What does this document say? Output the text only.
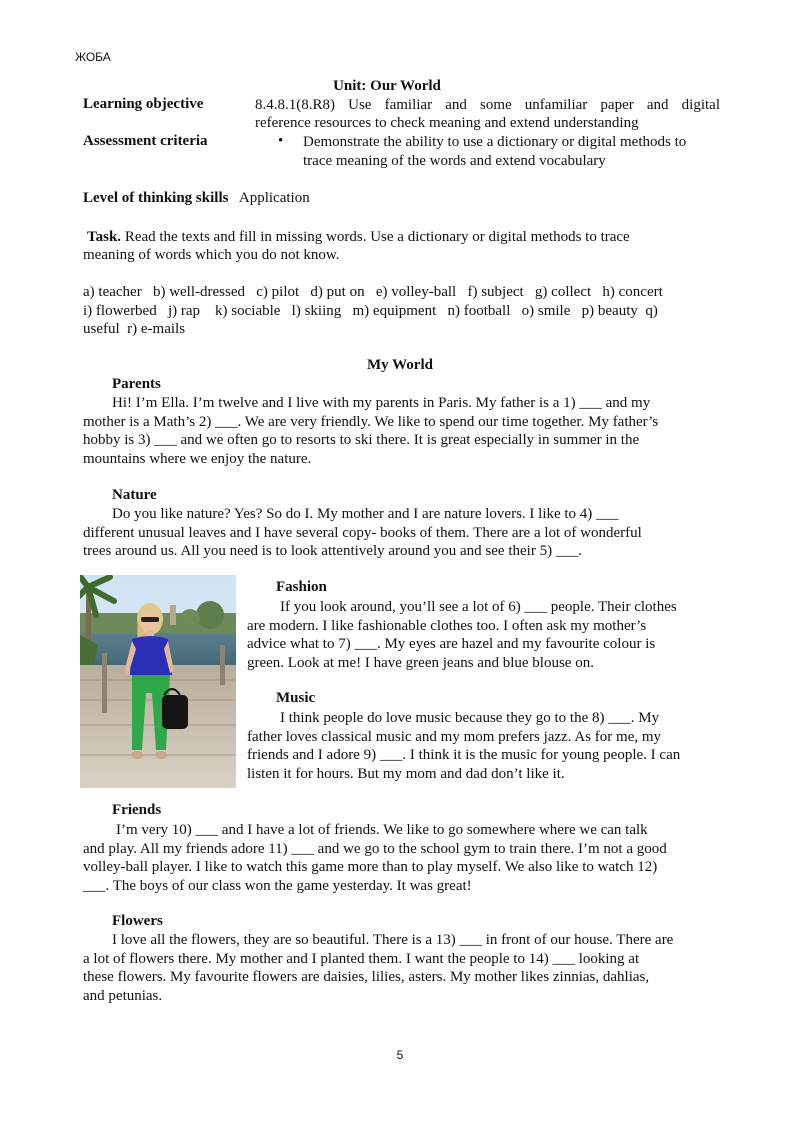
ЖОБА
Unit: Our World
Learning objective	8.4.8.1(8.R8) Use familiar and some unfamiliar paper and digital
reference resources to check meaning and extend understanding
Assessment criteria	• Demonstrate the ability to use a dictionary or digital methods to
trace meaning of the words and extend vocabulary
Level of thinking skills Application
Task. Read the texts and fill in missing words. Use a dictionary or digital methods to trace
meaning of words which you do not know.
a) teacher   b) well-dressed   c) pilot   d) put on   e) volley-ball   f) subject   g) collect   h) concert
i) flowerbed   j) rap    k) sociable   l) skiing   m) equipment   n) football   o) smile   p) beauty  q)
useful  r) e-mails
My World
Parents
Hi! I’m Ella. I’m twelve and I live with my parents in Paris. My father is a 1) ___ and my
mother is a Math’s 2) ___. We are very friendly. We like to spend our time together. My father’s
hobby is 3) ___ and we often go to resorts to ski there. It is great especially in summer in the
mountains where we enjoy the nature.
Nature
Do you like nature? Yes? So do I. My mother and I are nature lovers. I like to 4) ___
different unusual leaves and I have several copy- books of them. There are a lot of wonderful
trees around us. All you need is to look attentively around you and see their 5) ___.
Fashion
If you look around, you’ll see a lot of 6) ___ people. Their clothes
are modern. I like fashionable clothes too. I often ask my mother’s
advice what to 7) ___. My eyes are hazel and my favourite colour is
green. Look at me! I have green jeans and blue blouse on.
Music
I think people do love music because they go to the 8) ___. My
father loves classical music and my mom prefers jazz. As for me, my
friends and I adore 9) ___. I think it is the music for young people. I can
listen it for hours. But my mom and dad don’t like it.
Friends
I’m very 10) ___ and I have a lot of friends. We like to go somewhere where we can talk
and play. All my friends adore 11) ___ and we go to the school gym to train there. I’m not a good
volley-ball player. I like to watch this game more than to play myself. We also like to watch 12)
___. The boys of our class won the game yesterday. It was great!
Flowers
I love all the flowers, they are so beautiful. There is a 13) ___ in front of our house. There are
a lot of flowers there. My mother and I planted them. I want the people to 14) ___ looking at
these flowers. My favourite flowers are daisies, lilies, asters. My mother likes zinnias, dahlias,
and petunias.
5
